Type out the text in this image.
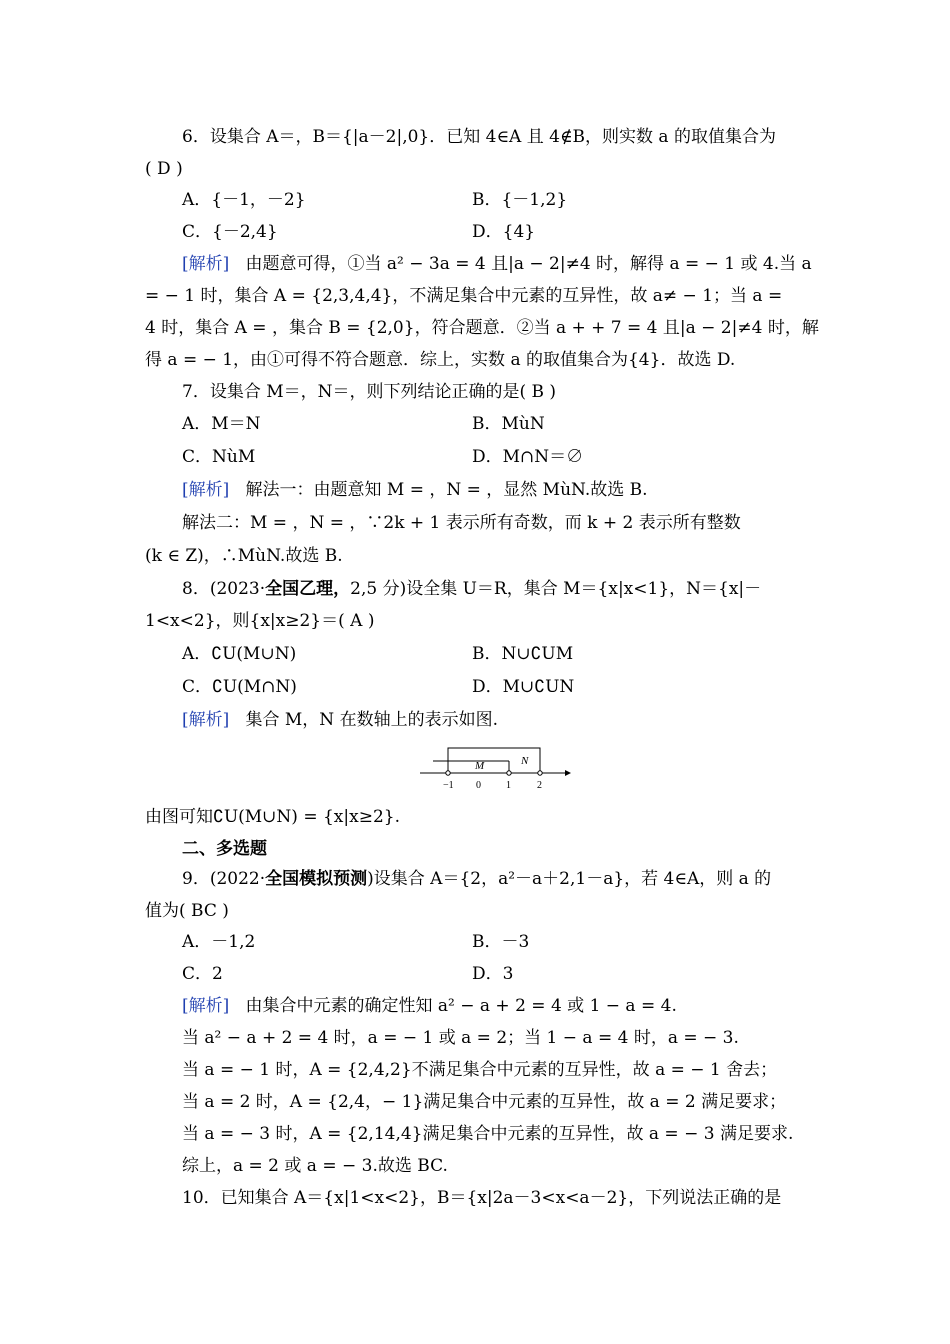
6．设集合 A＝，B＝{|a－2|,0}．已知 4∈A 且 4∉B，则实数 a 的取值集合为
( D )
A．{－1，－2}	B．{－1,2}
C．{－2,4}	D．{4}
[解析] 由题意可得，①当 a² − 3a = 4 且|a − 2|≠4 时，解得 a = − 1 或 4.当 a
= − 1 时，集合 A = {2,3,4,4}，不满足集合中元素的互异性，故 a≠ − 1；当 a =
4 时，集合 A = ，集合 B = {2,0}，符合题意．②当 a + + 7 = 4 且|a − 2|≠4 时，解
得 a = − 1，由①可得不符合题意．综上，实数 a 的取值集合为{4}．故选 D.
7．设集合 M＝，N＝，则下列结论正确的是( B )
A．M＝N	B．MùN
C．NùM	D．M∩N＝∅
[解析] 解法一：由题意知 M = ，N = ，显然 MùN.故选 B.
解法二：M = ，N = ，∵2k + 1 表示所有奇数，而 k + 2 表示所有整数
(k ∈ Z)，∴MùN.故选 B.
8．(2023·全国乙理，2,5 分)设全集 U＝R，集合 M＝{x|x<1}，N＝{x|－
1<x<2}，则{x|x≥2}＝( A )
A．∁U(M∪N)	B．N∪∁UM
C．∁U(M∩N)	D．M∪∁UN
[解析] 集合 M，N 在数轴上的表示如图.
M	N
−1 0	1	2
由图可知∁U(M∪N) = {x|x≥2}.
二、多选题
9．(2022·全国模拟预测)设集合 A＝{2，a²－a＋2,1－a}，若 4∈A，则 a 的
值为( BC )
A．－1,2	B．－3
C．2	D．3
[解析] 由集合中元素的确定性知 a² − a + 2 = 4 或 1 − a = 4.
当 a² − a + 2 = 4 时，a = − 1 或 a = 2；当 1 − a = 4 时，a = − 3.
当 a = − 1 时，A = {2,4,2}不满足集合中元素的互异性，故 a = − 1 舍去；
当 a = 2 时，A = {2,4，− 1}满足集合中元素的互异性，故 a = 2 满足要求；
当 a = − 3 时，A = {2,14,4}满足集合中元素的互异性，故 a = − 3 满足要求.
综上，a = 2 或 a = − 3.故选 BC.
10．已知集合 A＝{x|1<x<2}，B＝{x|2a－3<x<a－2}，下列说法正确的是
